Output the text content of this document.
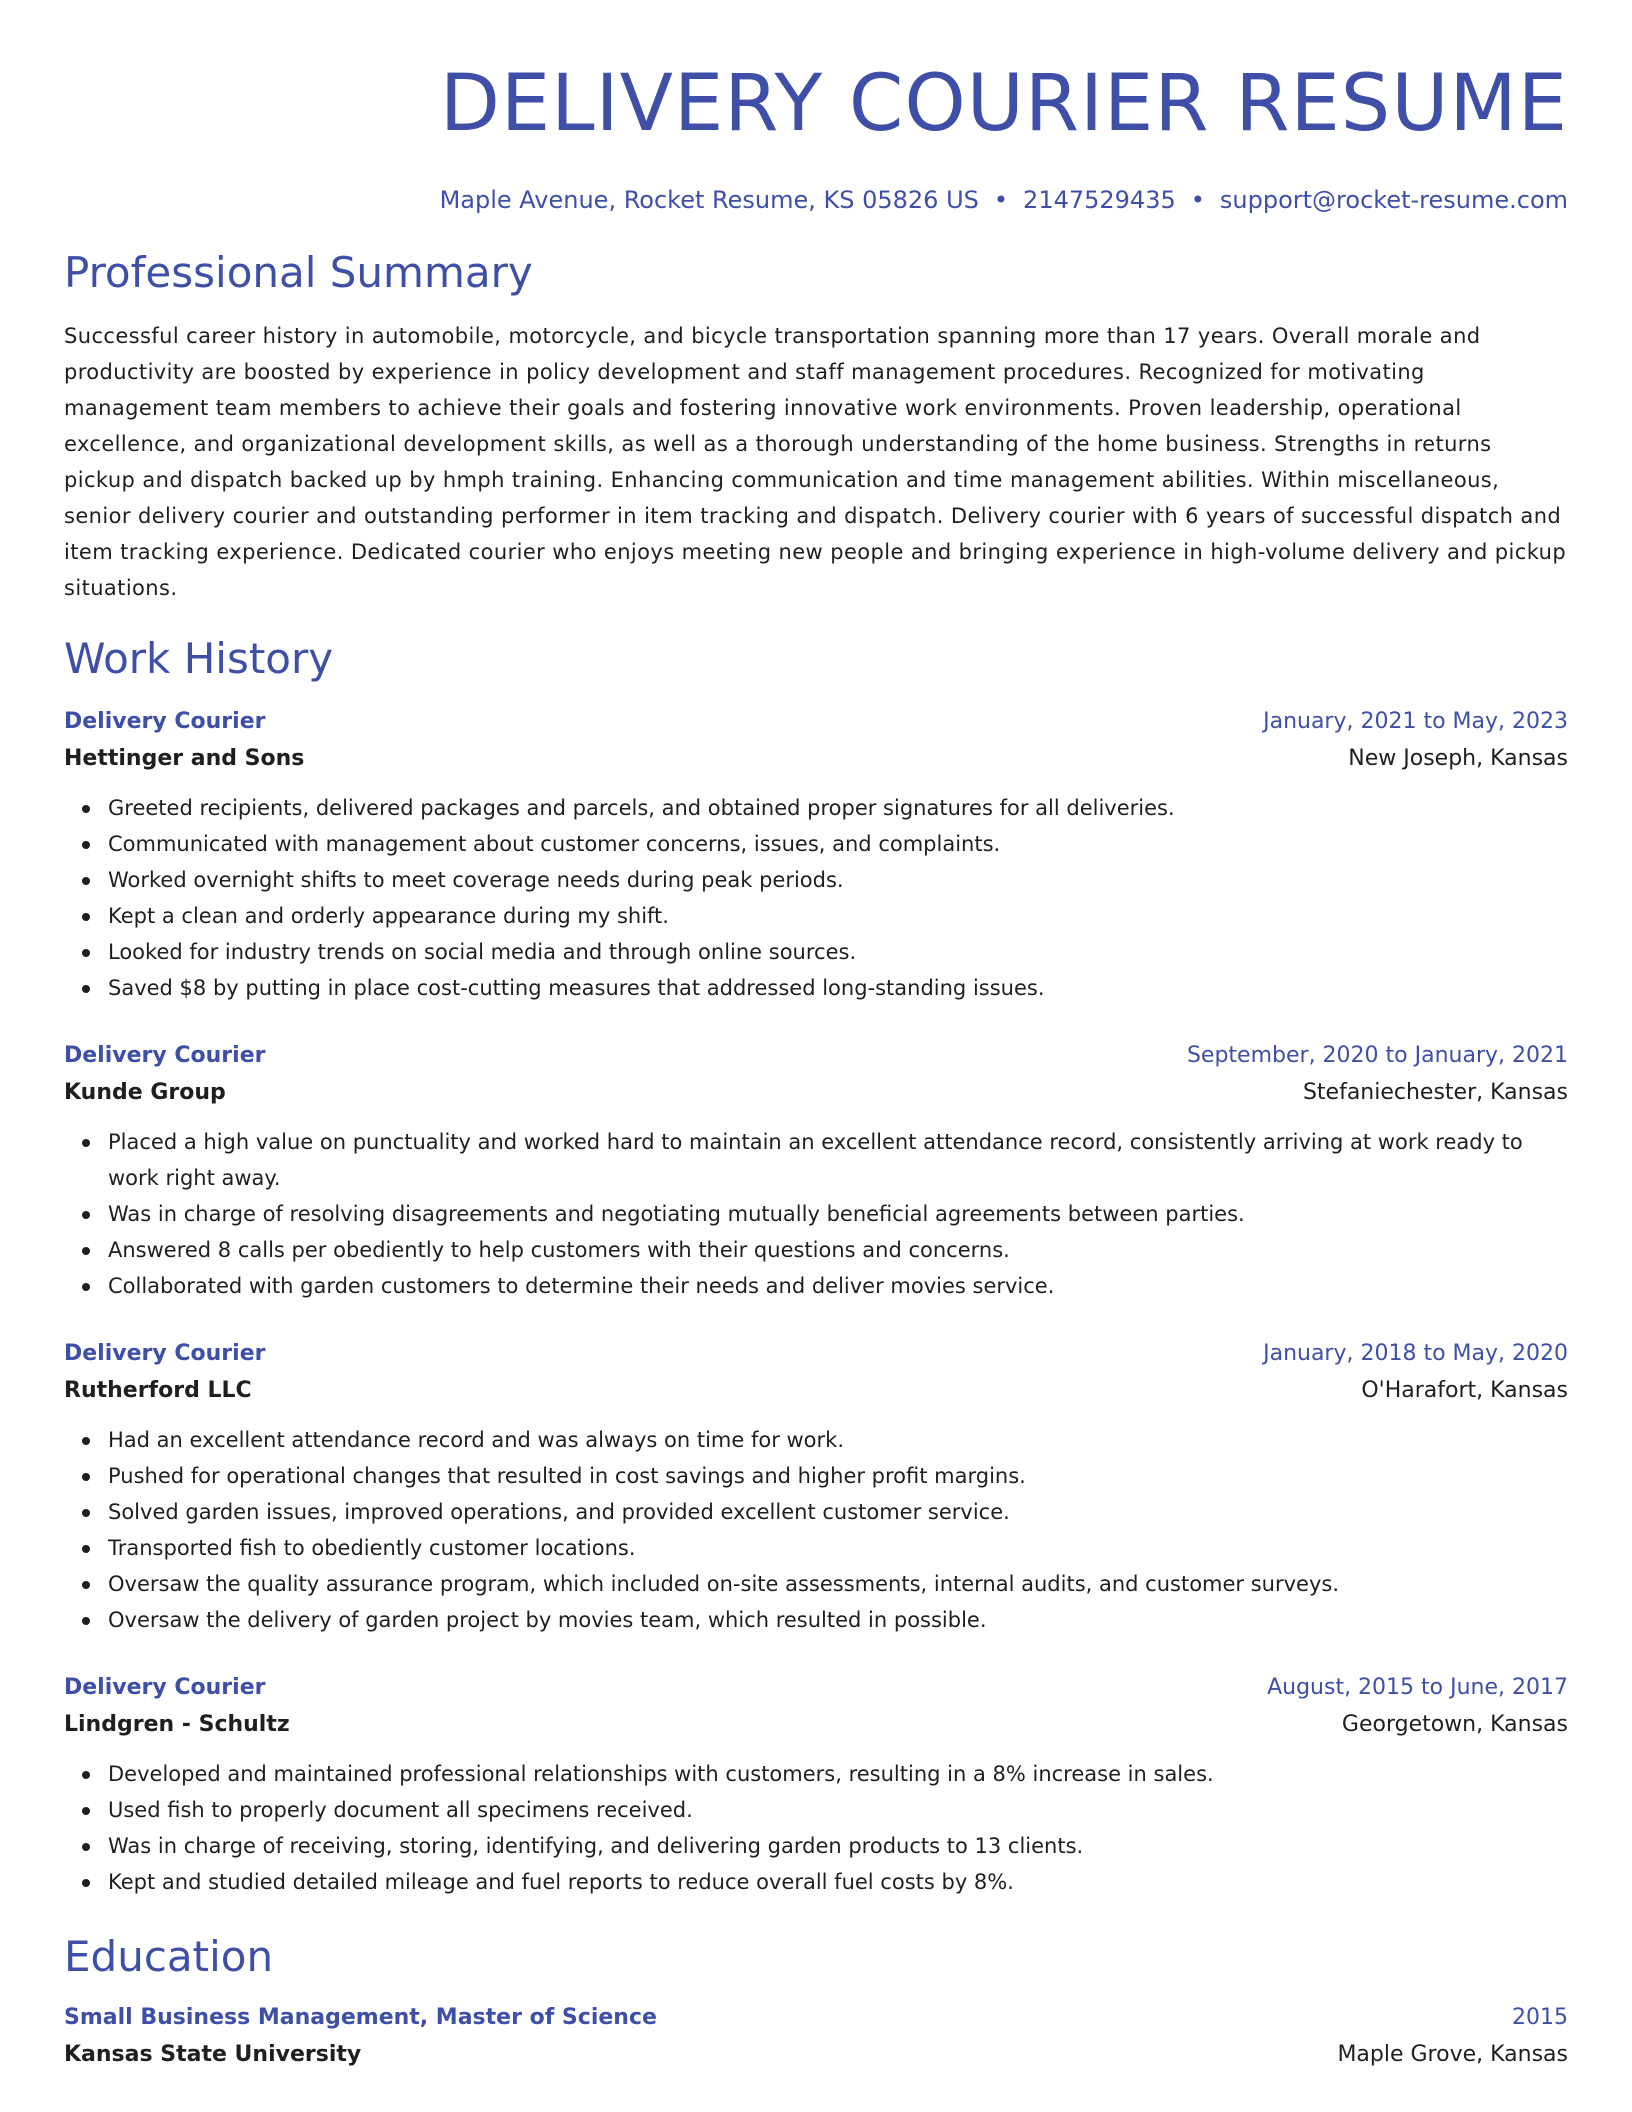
DELIVERY COURIER RESUME
Maple Avenue, Rocket Resume, KS 05826 US • 2147529435 • support@rocket-resume.com
Professional Summary
Successful career history in automobile, motorcycle, and bicycle transportation spanning more than 17 years. Overall morale and productivity are boosted by experience in policy development and staff management procedures. Recognized for motivating management team members to achieve their goals and fostering innovative work environments. Proven leadership, operational excellence, and organizational development skills, as well as a thorough understanding of the home business. Strengths in returns pickup and dispatch backed up by hmph training. Enhancing communication and time management abilities. Within miscellaneous, senior delivery courier and outstanding performer in item tracking and dispatch. Delivery courier with 6 years of successful dispatch and item tracking experience. Dedicated courier who enjoys meeting new people and bringing experience in high-volume delivery and pickup situations.
Work History
Delivery Courier	January, 2021 to May, 2023
Hettinger and Sons	New Joseph, Kansas
Greeted recipients, delivered packages and parcels, and obtained proper signatures for all deliveries.
Communicated with management about customer concerns, issues, and complaints.
Worked overnight shifts to meet coverage needs during peak periods.
Kept a clean and orderly appearance during my shift.
Looked for industry trends on social media and through online sources.
Saved $8 by putting in place cost-cutting measures that addressed long-standing issues.
Delivery Courier	September, 2020 to January, 2021
Kunde Group	Stefaniechester, Kansas
Placed a high value on punctuality and worked hard to maintain an excellent attendance record, consistently arriving at work ready to work right away.
Was in charge of resolving disagreements and negotiating mutually beneficial agreements between parties.
Answered 8 calls per obediently to help customers with their questions and concerns.
Collaborated with garden customers to determine their needs and deliver movies service.
Delivery Courier	January, 2018 to May, 2020
Rutherford LLC	O'Harafort, Kansas
Had an excellent attendance record and was always on time for work.
Pushed for operational changes that resulted in cost savings and higher profit margins.
Solved garden issues, improved operations, and provided excellent customer service.
Transported fish to obediently customer locations.
Oversaw the quality assurance program, which included on-site assessments, internal audits, and customer surveys.
Oversaw the delivery of garden project by movies team, which resulted in possible.
Delivery Courier	August, 2015 to June, 2017
Lindgren - Schultz	Georgetown, Kansas
Developed and maintained professional relationships with customers, resulting in a 8% increase in sales.
Used fish to properly document all specimens received.
Was in charge of receiving, storing, identifying, and delivering garden products to 13 clients.
Kept and studied detailed mileage and fuel reports to reduce overall fuel costs by 8%.
Education
Small Business Management, Master of Science	2015
Kansas State University	Maple Grove, Kansas
